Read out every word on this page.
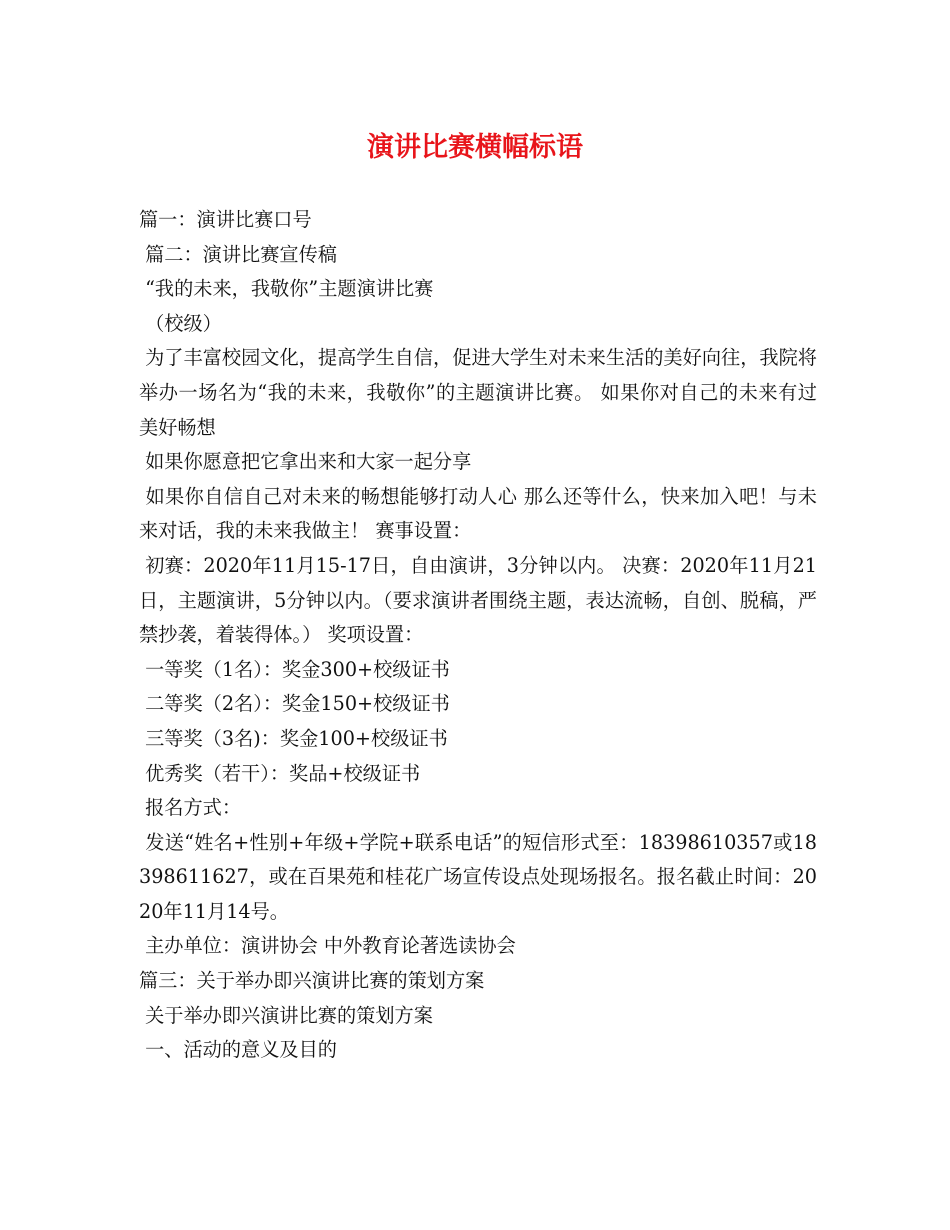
演讲比赛横幅标语

篇一：演讲比赛口号

篇二：演讲比赛宣传稿

“我的未来，我敬你”主题演讲比赛

（校级）

为了丰富校园文化，提高学生自信，促进大学生对未来生活的美好向往，我院将举办一场名为“我的未来，我敬你”的主题演讲比赛。 如果你对自己的未来有过美好畅想

如果你愿意把它拿出来和大家一起分享

如果你自信自己对未来的畅想能够打动人心 那么还等什么，快来加入吧！与未来对话，我的未来我做主！ 赛事设置：

初赛：2020年11月15-17日，自由演讲，3分钟以内。 决赛：2020年11月21日，主题演讲，5分钟以内。（要求演讲者围绕主题，表达流畅，自创、脱稿，严禁抄袭，着装得体。） 奖项设置：

一等奖（1名）：奖金300+校级证书

二等奖（2名）：奖金150+校级证书

三等奖（3名)：奖金100+校级证书

优秀奖（若干）：奖品+校级证书

报名方式：

发送“姓名+性别+年级+学院+联系电话”的短信形式至：18398610357或18398611627，或在百果苑和桂花广场宣传设点处现场报名。报名截止时间：2020年11月14号。

主办单位：演讲协会 中外教育论著选读协会

篇三：关于举办即兴演讲比赛的策划方案

关于举办即兴演讲比赛的策划方案

一、活动的意义及目的
